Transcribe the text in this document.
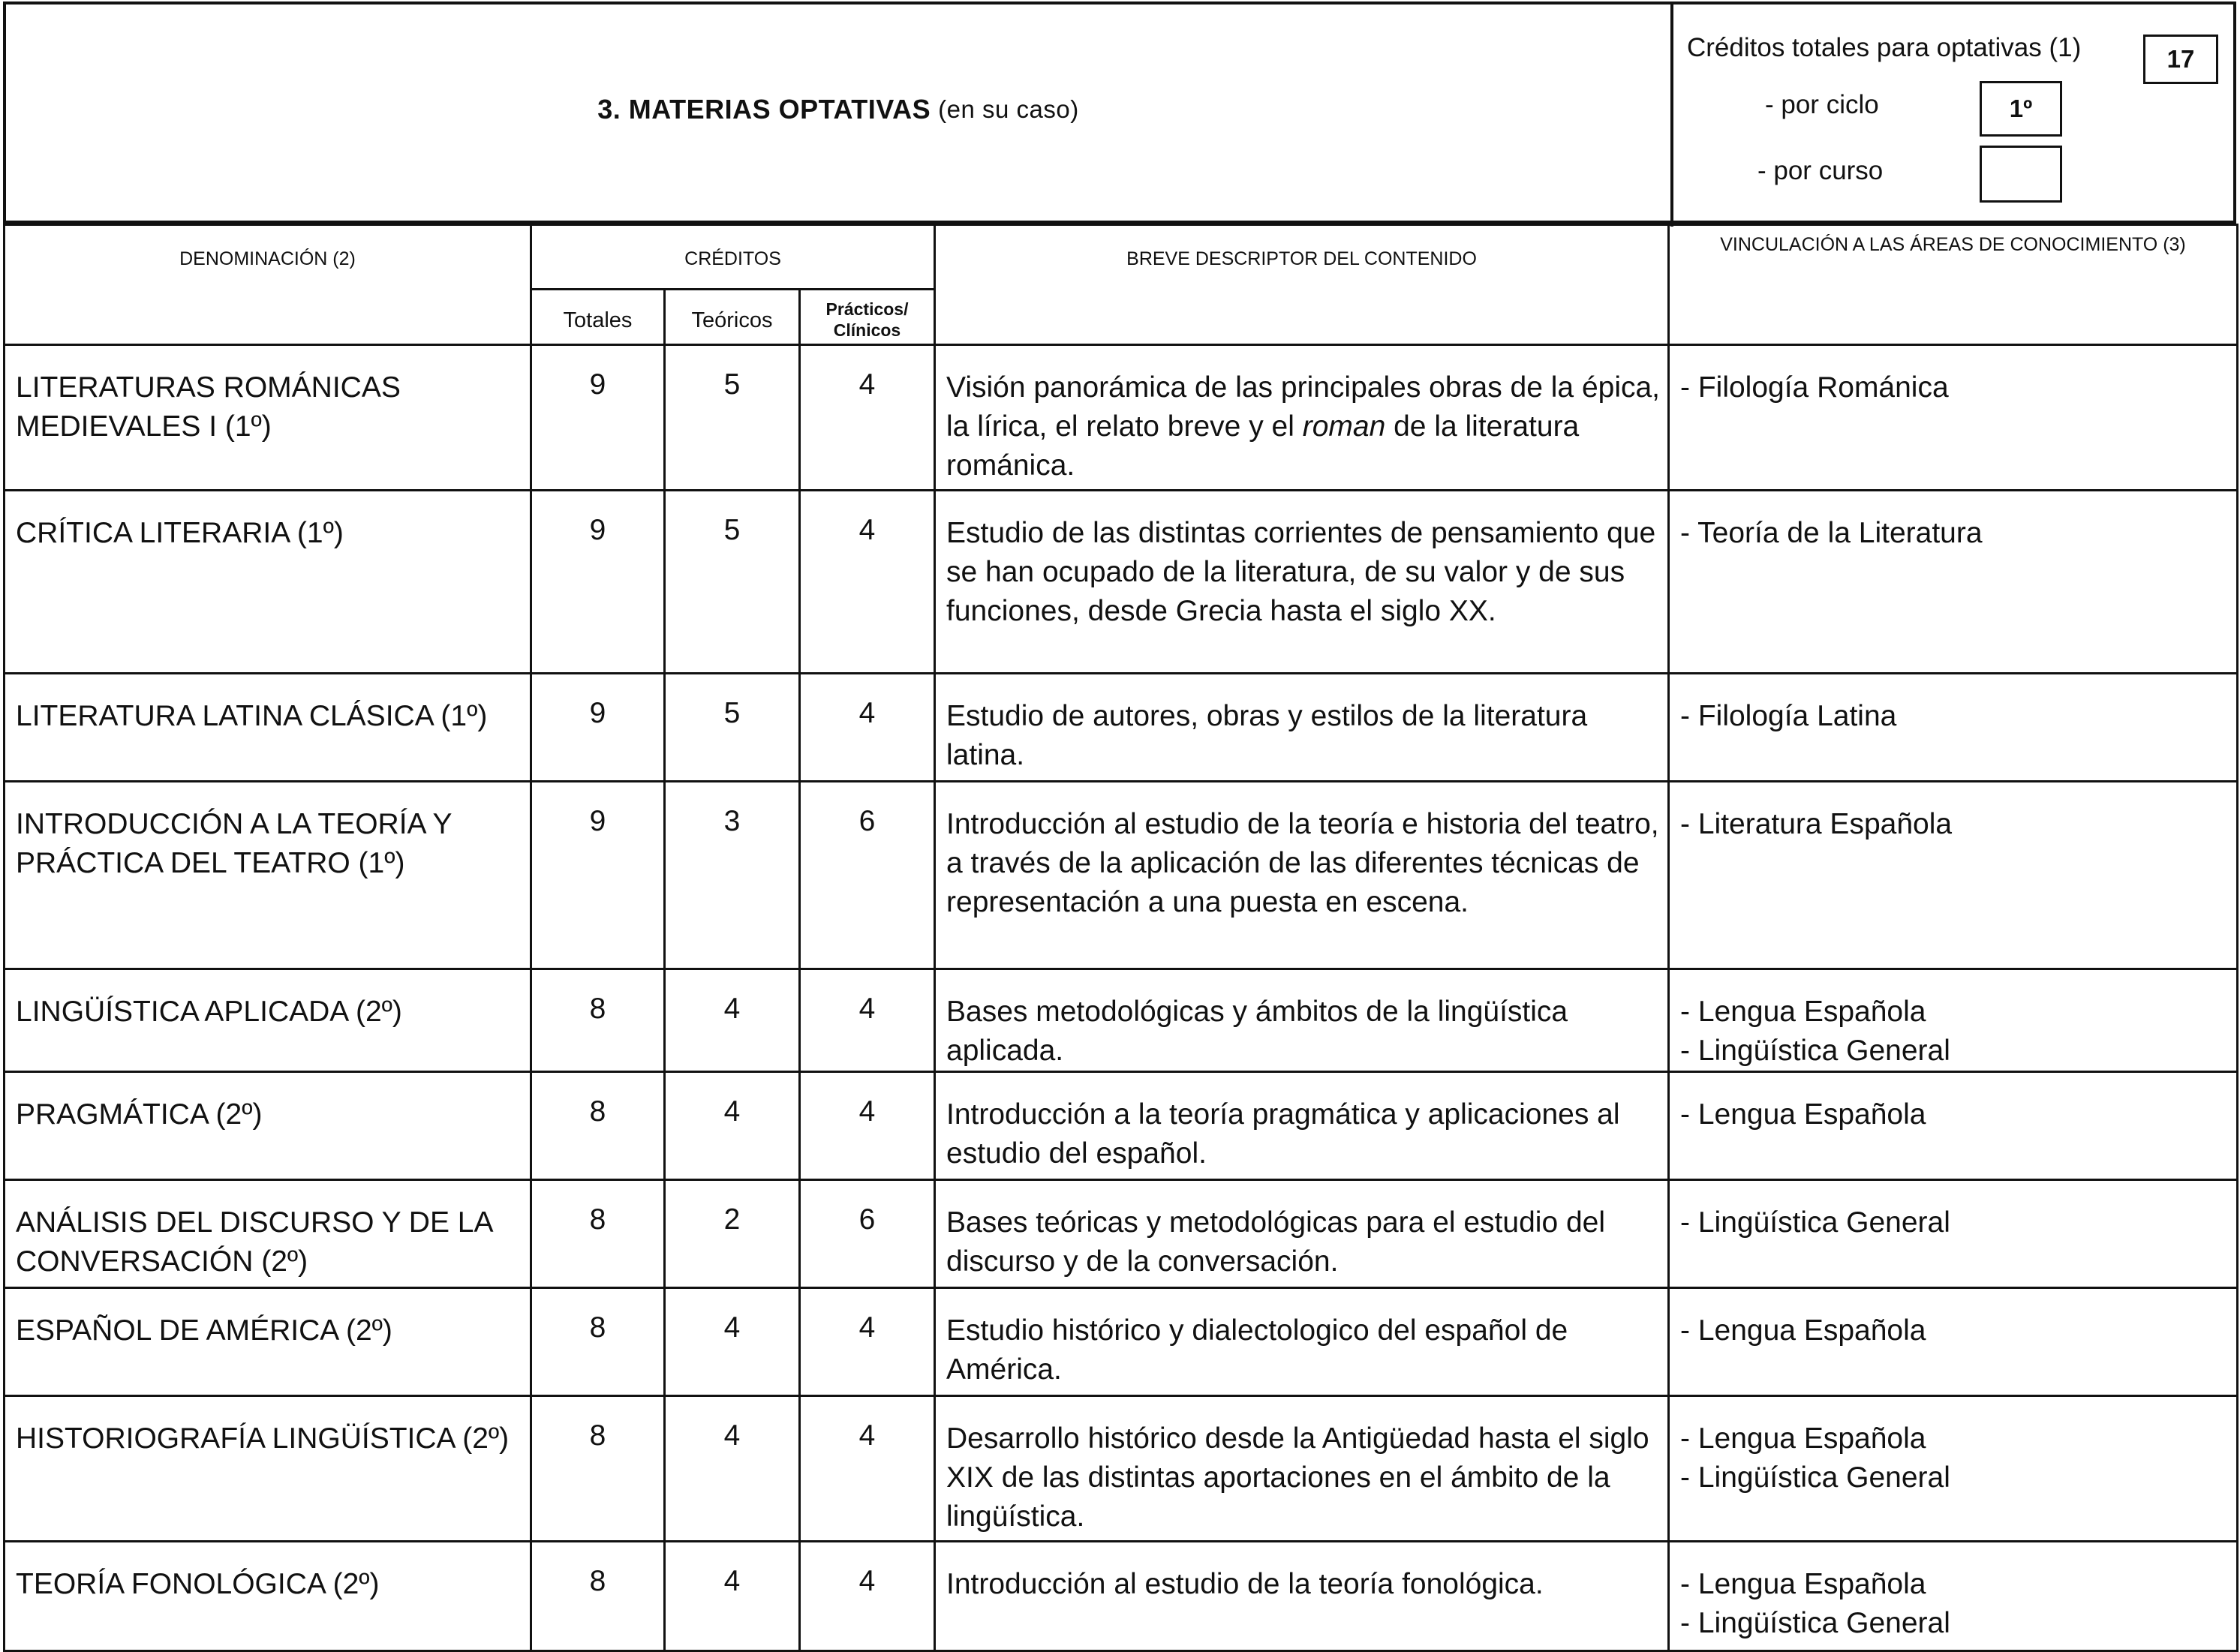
3. MATERIAS OPTATIVAS (en su caso)
Créditos totales para optativas (1)	17
- por ciclo	1º
- por curso
DENOMINACIÓN (2)	CRÉDITOS			BREVE DESCRIPTOR DEL CONTENIDO	VINCULACIÓN A LAS ÁREAS DE CONOCIMIENTO (3)
	Totales	Teóricos	Prácticos/ Clínicos		
LITERATURAS ROMÁNICAS MEDIEVALES I (1º)	9	5	4	Visión panorámica de las principales obras de la épica, la lírica, el relato breve y el roman de la literatura románica.	- Filología Románica

CRÍTICA LITERARIA (1º)	9	5	4	Estudio de las distintas corrientes de pensamiento que se han ocupado de la literatura, de su valor y de sus funciones, desde Grecia hasta el siglo XX.	- Teoría de la Literatura

LITERATURA LATINA CLÁSICA (1º)	9	5	4	Estudio de autores, obras y estilos de la literatura latina.	- Filología Latina

INTRODUCCIÓN A LA TEORÍA Y PRÁCTICA DEL TEATRO (1º)	9	3	6	Introducción al estudio de la teoría e historia del teatro, a través de la aplicación de las diferentes técnicas de representación a una puesta en escena.	- Literatura Española

LINGÜÍSTICA APLICADA (2º)	8	4	4	Bases metodológicas y ámbitos de la lingüística aplicada.	- Lengua Española
- Lingüística General

PRAGMÁTICA (2º)	8	4	4	Introducción a la teoría pragmática y aplicaciones al estudio del español.	- Lengua Española

ANÁLISIS DEL DISCURSO Y DE LA CONVERSACIÓN (2º)	8	2	6	Bases teóricas y metodológicas para el estudio del discurso y de la conversación.	- Lingüística General

ESPAÑOL DE AMÉRICA (2º)	8	4	4	Estudio histórico y dialectologico del español de América.	- Lengua Española

HISTORIOGRAFÍA LINGÜÍSTICA (2º)	8	4	4	Desarrollo histórico desde la Antigüedad hasta el siglo XIX de las distintas aportaciones en el ámbito de la lingüística.	- Lengua Española
- Lingüística General

TEORÍA FONOLÓGICA (2º)	8	4	4	Introducción al estudio de la teoría fonológica.	- Lengua Española
- Lingüística General
